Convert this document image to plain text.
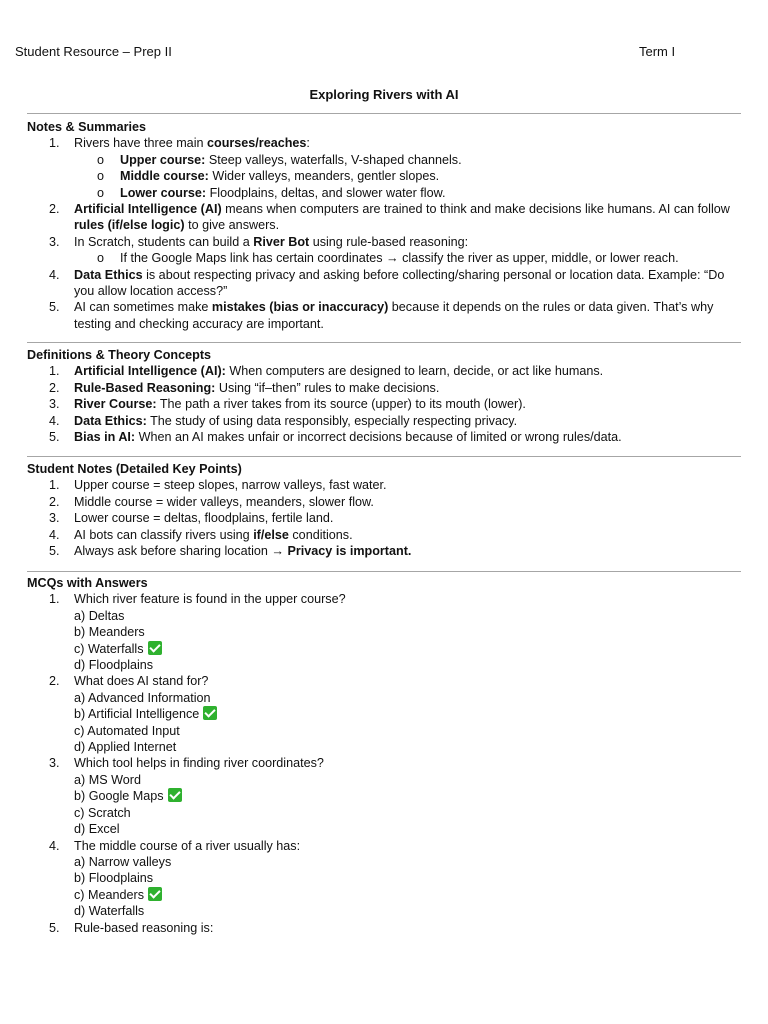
Student Resource – Prep II	Term I
Exploring Rivers with AI
Notes & Summaries
1. Rivers have three main courses/reaches:
o Upper course: Steep valleys, waterfalls, V-shaped channels.
o Middle course: Wider valleys, meanders, gentler slopes.
o Lower course: Floodplains, deltas, and slower water flow.
2. Artificial Intelligence (AI) means when computers are trained to think and make decisions like humans. AI can follow rules (if/else logic) to give answers.
3. In Scratch, students can build a River Bot using rule-based reasoning:
o If the Google Maps link has certain coordinates → classify the river as upper, middle, or lower reach.
4. Data Ethics is about respecting privacy and asking before collecting/sharing personal or location data. Example: “Do you allow location access?”
5. AI can sometimes make mistakes (bias or inaccuracy) because it depends on the rules or data given. That’s why testing and checking accuracy are important.
Definitions & Theory Concepts
1. Artificial Intelligence (AI): When computers are designed to learn, decide, or act like humans.
2. Rule-Based Reasoning: Using “if–then” rules to make decisions.
3. River Course: The path a river takes from its source (upper) to its mouth (lower).
4. Data Ethics: The study of using data responsibly, especially respecting privacy.
5. Bias in AI: When an AI makes unfair or incorrect decisions because of limited or wrong rules/data.
Student Notes (Detailed Key Points)
1. Upper course = steep slopes, narrow valleys, fast water.
2. Middle course = wider valleys, meanders, slower flow.
3. Lower course = deltas, floodplains, fertile land.
4. AI bots can classify rivers using if/else conditions.
5. Always ask before sharing location → Privacy is important.
MCQs with Answers
1. Which river feature is found in the upper course?
a) Deltas
b) Meanders
c) Waterfalls
d) Floodplains
2. What does AI stand for?
a) Advanced Information
b) Artificial Intelligence
c) Automated Input
d) Applied Internet
3. Which tool helps in finding river coordinates?
a) MS Word
b) Google Maps
c) Scratch
d) Excel
4. The middle course of a river usually has:
a) Narrow valleys
b) Floodplains
c) Meanders
d) Waterfalls
5. Rule-based reasoning is:
